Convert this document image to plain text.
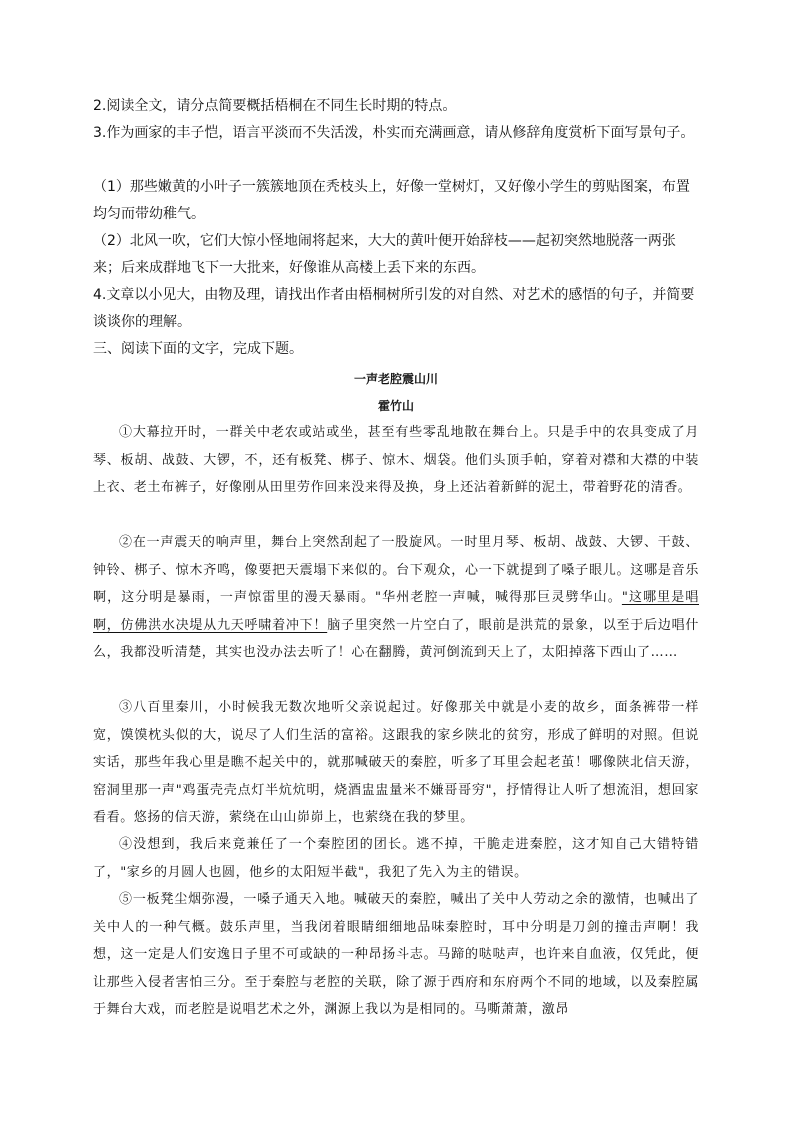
2.阅读全文，请分点简要概括梧桐在不同生长时期的特点。

3.作为画家的丰子恺，语言平淡而不失活泼，朴实而充满画意，请从修辞角度赏析下面写景句子。

（1）那些嫩黄的小叶子一簇簇地顶在秃枝头上，好像一堂树灯，又好像小学生的剪贴图案，布置均匀而带幼稚气。

（2）北风一吹，它们大惊小怪地闹将起来，大大的黄叶便开始辞枝——起初突然地脱落一两张来；后来成群地飞下一大批来，好像谁从高楼上丢下来的东西。

4.文章以小见大，由物及理，请找出作者由梧桐树所引发的对自然、对艺术的感悟的句子，并简要谈谈你的理解。

三、阅读下面的文字，完成下题。

一声老腔震山川

霍竹山

①大幕拉开时，一群关中老农或站或坐，甚至有些零乱地散在舞台上。只是手中的农具变成了月琴、板胡、战鼓、大锣，不，还有板凳、梆子、惊木、烟袋。他们头顶手帕，穿着对襟和大襟的中装上衣、老土布裤子，好像刚从田里劳作回来没来得及换，身上还沾着新鲜的泥土，带着野花的清香。

②在一声震天的响声里，舞台上突然刮起了一股旋风。一时里月琴、板胡、战鼓、大锣、干鼓、钟铃、梆子、惊木齐鸣，像要把天震塌下来似的。台下观众，心一下就提到了嗓子眼儿。这哪是音乐啊，这分明是暴雨，一声惊雷里的漫天暴雨。"华州老腔一声喊，喊得那巨灵劈华山。"这哪里是唱啊，仿佛洪水决堤从九天呼啸着冲下！脑子里突然一片空白了，眼前是洪荒的景象，以至于后边唱什么，我都没听清楚，其实也没办法去听了！心在翻腾，黄河倒流到天上了，太阳掉落下西山了……

③八百里秦川，小时候我无数次地听父亲说起过。好像那关中就是小麦的故乡，面条裤带一样宽，馍馍枕头似的大，说尽了人们生活的富裕。这跟我的家乡陕北的贫穷，形成了鲜明的对照。但说实话，那些年我心里是瞧不起关中的，就那喊破天的秦腔，听多了耳里会起老茧！哪像陕北信天游，窑洞里那一声"鸡蛋壳壳点灯半炕炕明，烧酒盅盅量米不嫌哥哥穷"，抒情得让人听了想流泪，想回家看看。悠扬的信天游，萦绕在山山峁峁上，也萦绕在我的梦里。

④没想到，我后来竟兼任了一个秦腔团的团长。逃不掉，干脆走进秦腔，这才知自己大错特错了，"家乡的月圆人也圆，他乡的太阳短半截"，我犯了先入为主的错误。

⑤一板凳尘烟弥漫，一嗓子通天入地。喊破天的秦腔，喊出了关中人劳动之余的激情，也喊出了关中人的一种气概。鼓乐声里，当我闭着眼睛细细地品味秦腔时，耳中分明是刀剑的撞击声啊！我想，这一定是人们安逸日子里不可或缺的一种昂扬斗志。马蹄的哒哒声，也许来自血液，仅凭此，便让那些入侵者害怕三分。至于秦腔与老腔的关联，除了源于西府和东府两个不同的地域，以及秦腔属于舞台大戏，而老腔是说唱艺术之外，渊源上我以为是相同的。马嘶萧萧，激昂
